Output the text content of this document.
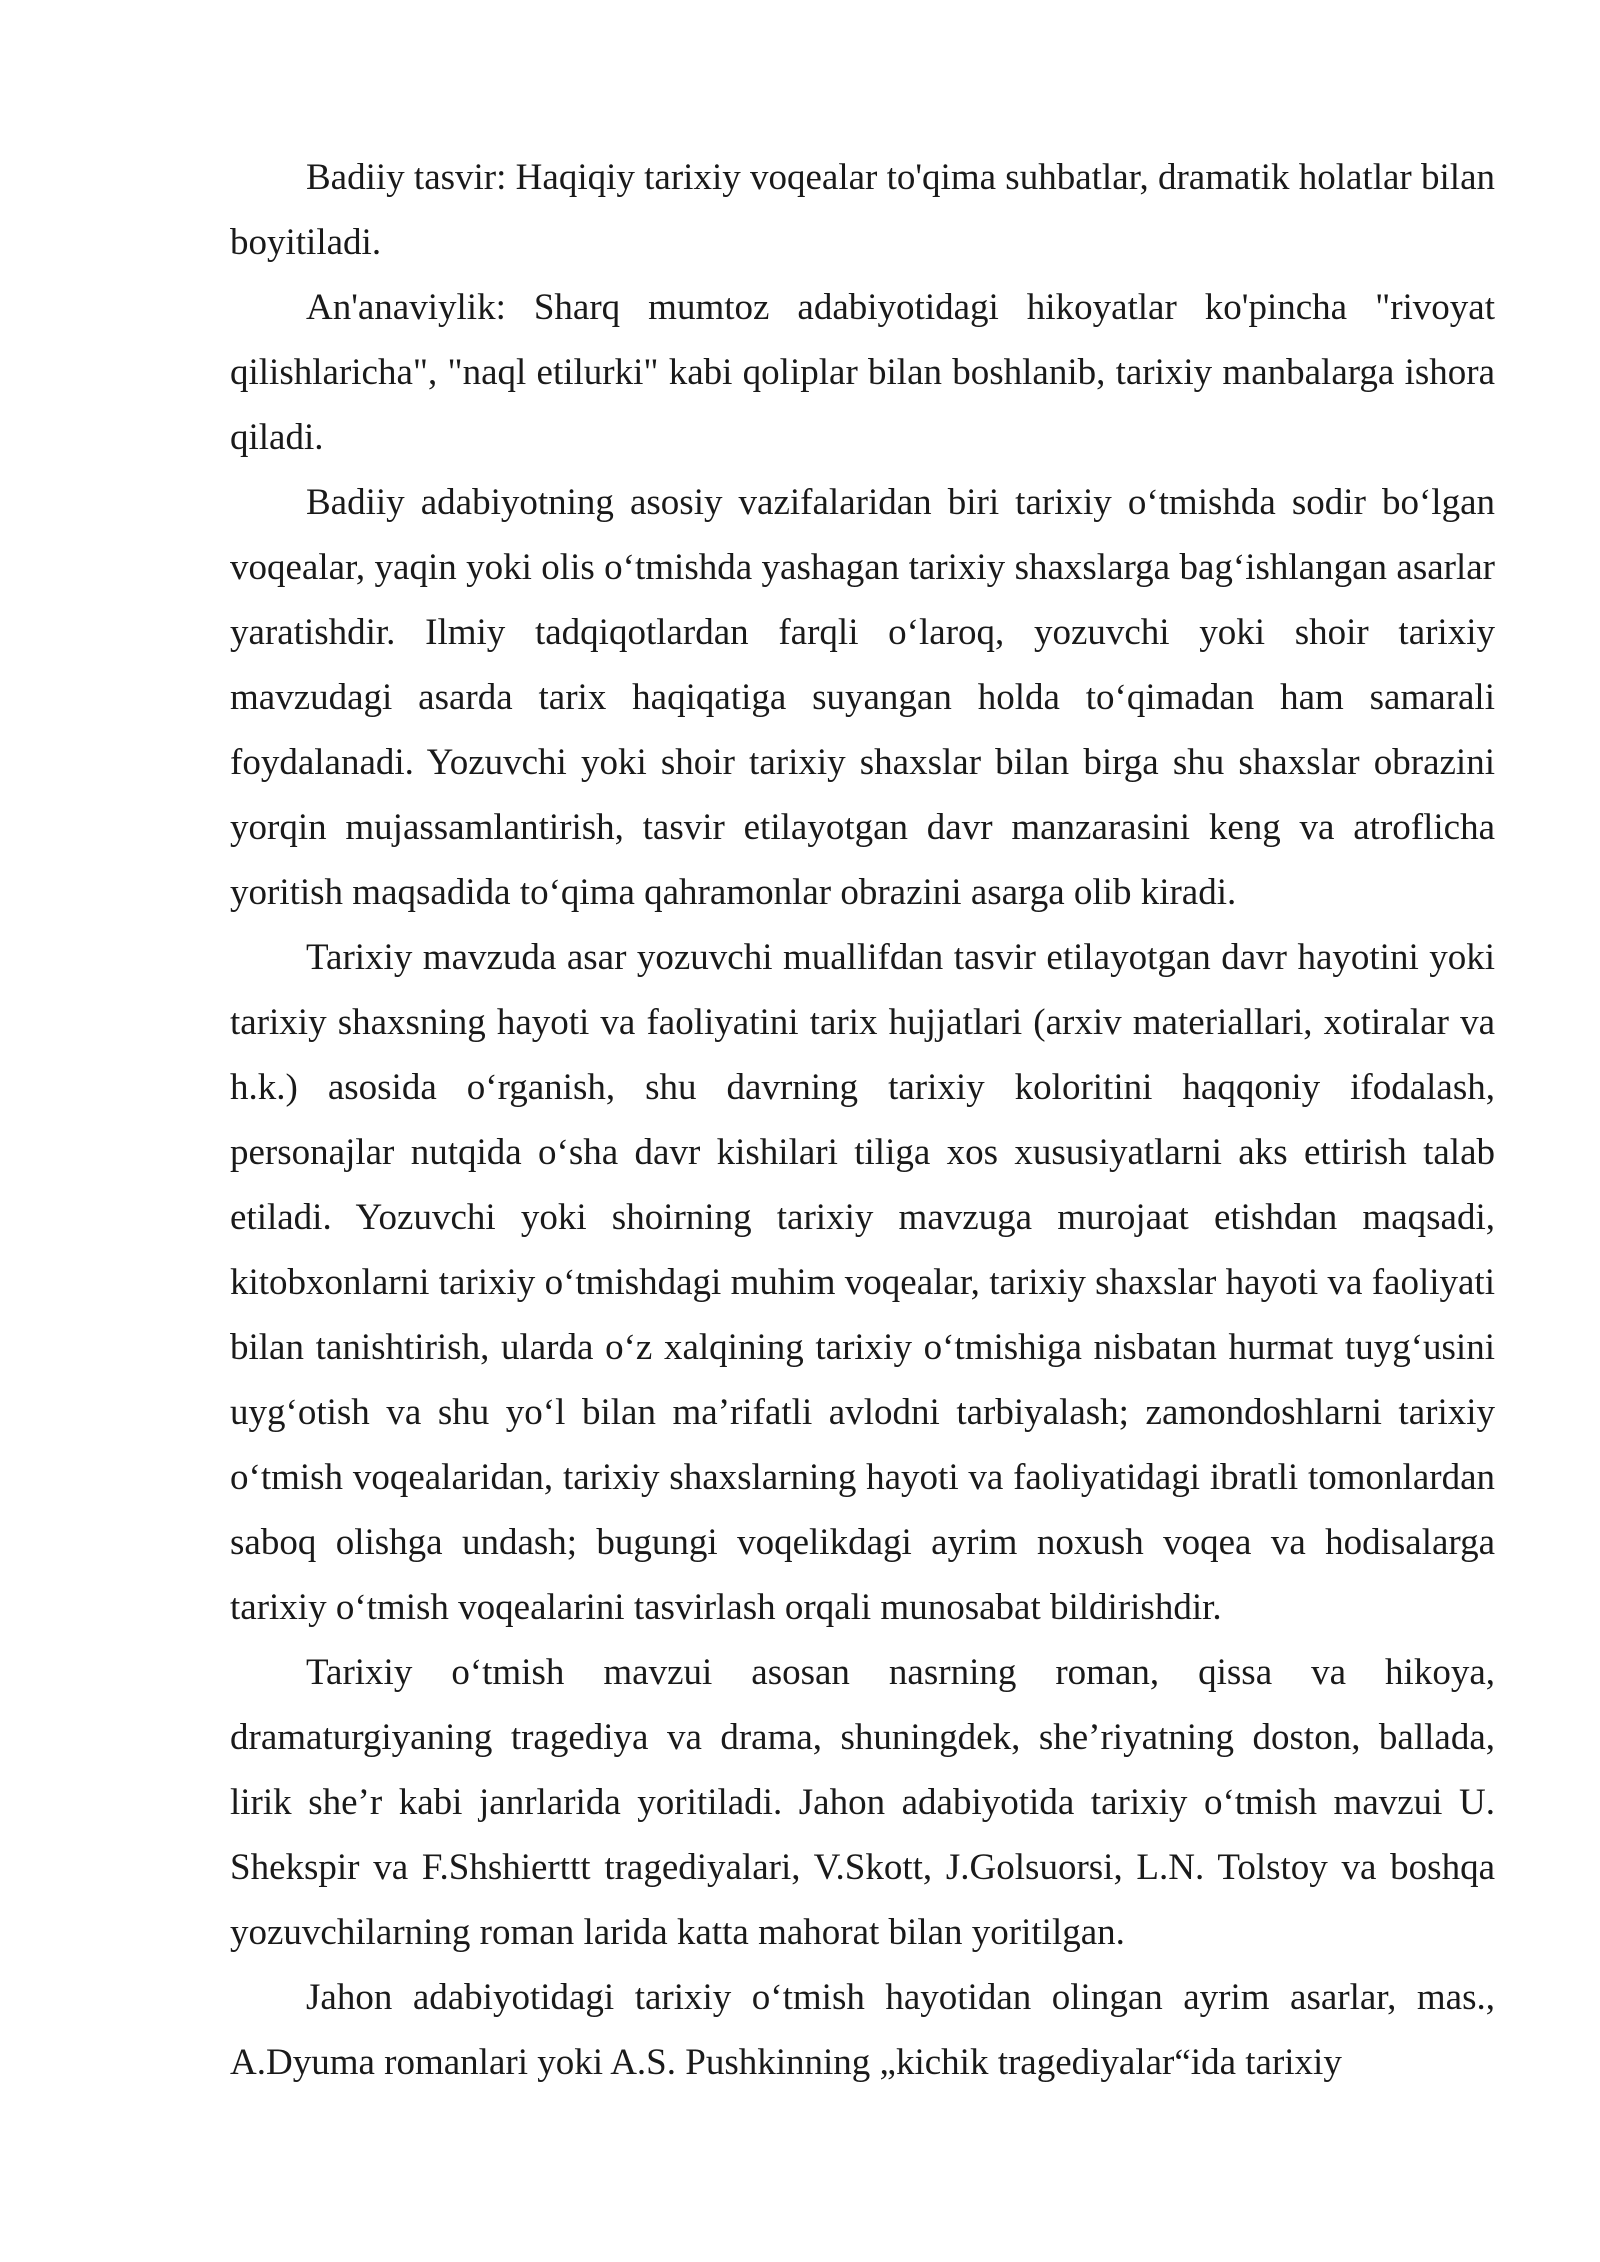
Badiiy tasvir: Haqiqiy tarixiy voqealar to'qima suhbatlar, dramatik holatlar bilan boyitiladi.

An'anaviylik: Sharq mumtoz adabiyotidagi hikoyatlar ko'pincha "rivoyat qilishlaricha", "naql etilurki" kabi qoliplar bilan boshlanib, tarixiy manbalarga ishora qiladi.

Badiiy adabiyotning asosiy vazifalaridan biri tarixiy o‘tmishda sodir bo‘lgan voqealar, yaqin yoki olis o‘tmishda yashagan tarixiy shaxslarga bag‘ishlangan asarlar yaratishdir. Ilmiy tadqiqotlardan farqli o‘laroq, yozuvchi yoki shoir tarixiy mavzudagi asarda tarix haqiqatiga suyangan holda to‘qimadan ham samarali foydalanadi. Yozuvchi yoki shoir tarixiy shaxslar bilan birga shu shaxslar obrazini yorqin mujassamlantirish, tasvir etilayotgan davr manzarasini keng va atroflicha yoritish maqsadida to‘qima qahramonlar obrazini asarga olib kiradi.

Tarixiy mavzuda asar yozuvchi muallifdan tasvir etilayotgan davr hayotini yoki tarixiy shaxsning hayoti va faoliyatini tarix hujjatlari (arxiv materiallari, xotiralar va h.k.) asosida o‘rganish, shu davrning tarixiy koloritini haqqoniy ifodalash, personajlar nutqida o‘sha davr kishilari tiliga xos xususiyatlarni aks ettirish talab etiladi. Yozuvchi yoki shoirning tarixiy mavzuga murojaat etishdan maqsadi, kitobxonlarni tarixiy o‘tmishdagi muhim voqealar, tarixiy shaxslar hayoti va faoliyati bilan tanishtirish, ularda o‘z xalqining tarixiy o‘tmishiga nisbatan hurmat tuyg‘usini uyg‘otish va shu yo‘l bilan ma’rifatli avlodni tarbiyalash; zamondoshlarni tarixiy o‘tmish voqealaridan, tarixiy shaxslarning hayoti va faoliyatidagi ibratli tomonlardan saboq olishga undash; bugungi voqelikdagi ayrim noxush voqea va hodisalarga tarixiy o‘tmish voqealarini tasvirlash orqali munosabat bildirishdir.

Tarixiy o‘tmish mavzui asosan nasrning roman, qissa va hikoya, dramaturgiyaning tragediya va drama, shuningdek, she’riyatning doston, ballada, lirik she’r kabi janrlarida yoritiladi. Jahon adabiyotida tarixiy o‘tmish mavzui U. Shekspir va F.Shshierttt tragediyalari, V.Skott, J.Golsuorsi, L.N. Tolstoy va boshqa yozuvchilarning roman larida katta mahorat bilan yoritilgan.

Jahon adabiyotidagi tarixiy o‘tmish hayotidan olingan ayrim asarlar, mas., A.Dyuma romanlari yoki A.S. Pushkinning „kichik tragediyalar“ida tarixiy
